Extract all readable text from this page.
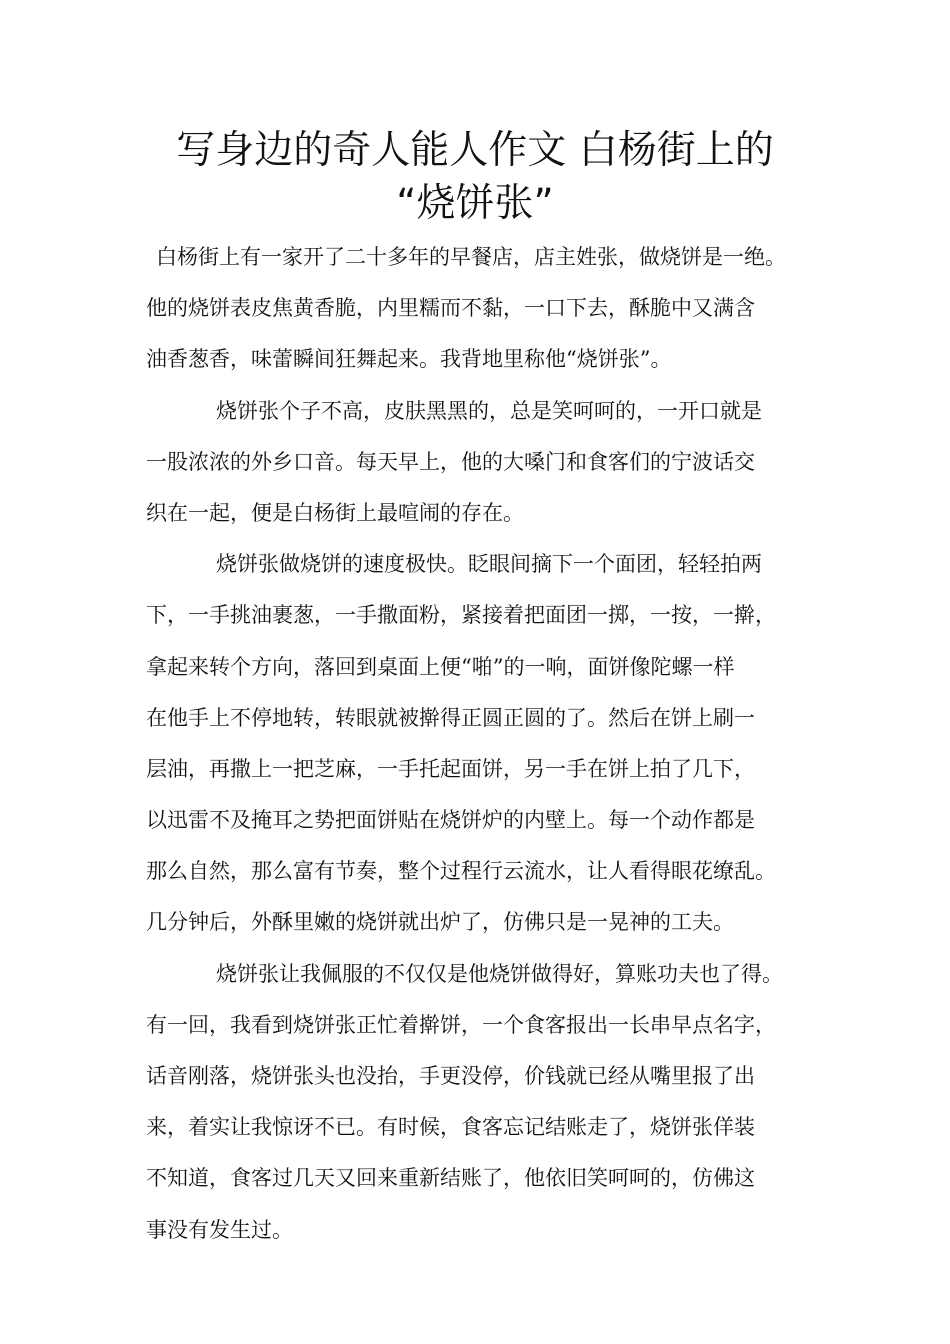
写身边的奇人能人作文 白杨街上的
“烧饼张”
白杨街上有一家开了二十多年的早餐店，店主姓张，做烧饼是一绝。
他的烧饼表皮焦黄香脆，内里糯而不黏，一口下去，酥脆中又满含
油香葱香，味蕾瞬间狂舞起来。我背地里称他“烧饼张”。
烧饼张个子不高，皮肤黑黑的，总是笑呵呵的，一开口就是
一股浓浓的外乡口音。每天早上，他的大嗓门和食客们的宁波话交
织在一起，便是白杨街上最喧闹的存在。
烧饼张做烧饼的速度极快。眨眼间摘下一个面团，轻轻拍两
下，一手挑油裹葱，一手撒面粉，紧接着把面团一掷，一按，一擀，
拿起来转个方向，落回到桌面上便“啪”的一响，面饼像陀螺一样
在他手上不停地转，转眼就被擀得正圆正圆的了。然后在饼上刷一
层油，再撒上一把芝麻，一手托起面饼，另一手在饼上拍了几下，
以迅雷不及掩耳之势把面饼贴在烧饼炉的内壁上。每一个动作都是
那么自然，那么富有节奏，整个过程行云流水，让人看得眼花缭乱。
几分钟后，外酥里嫩的烧饼就出炉了，仿佛只是一晃神的工夫。
烧饼张让我佩服的不仅仅是他烧饼做得好，算账功夫也了得。
有一回，我看到烧饼张正忙着擀饼，一个食客报出一长串早点名字，
话音刚落，烧饼张头也没抬，手更没停，价钱就已经从嘴里报了出
来，着实让我惊讶不已。有时候，食客忘记结账走了，烧饼张佯装
不知道，食客过几天又回来重新结账了，他依旧笑呵呵的，仿佛这
事没有发生过。
